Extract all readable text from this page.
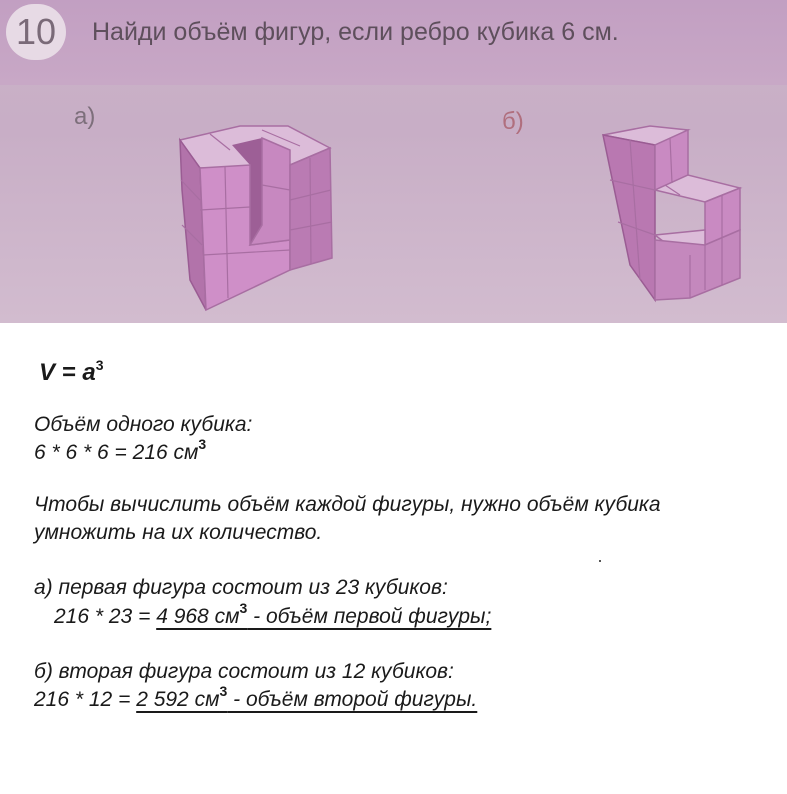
10	Найди объём фигур, если ребро кубика 6 см.
а)	б)
$V = a^3$
Объём одного кубика:
6 * 6 * 6 = 216 $см^3$
Чтобы вычислить объём каждой фигуры, нужно объём кубика
умножить на их количество.
а) первая фигура состоит из 23 кубиков:
216 * 23 = 4 968 $см^3$ - объём первой фигуры;
б) вторая фигура состоит из 12 кубиков:
216 * 12 = 2 592 $см^3$ - объём второй фигуры.
